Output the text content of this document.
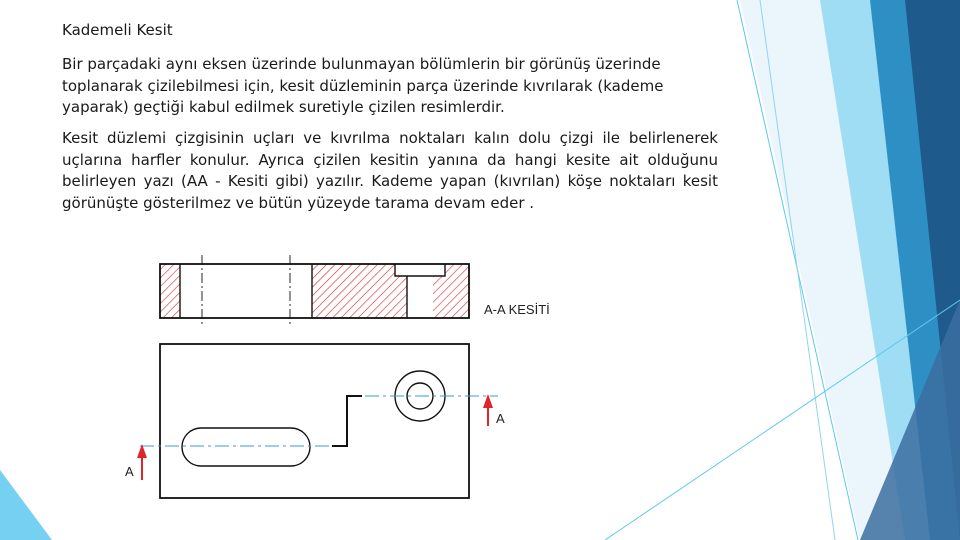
Kademeli Kesit
Bir parçadaki aynı eksen üzerinde bulunmayan bölümlerin bir görünüş üzerinde toplanarak çizilebilmesi için, kesit düzleminin parça üzerinde kıvrılarak (kademe yaparak) geçtiği kabul edilmek suretiyle çizilen resimlerdir.
Kesit düzlemi çizgisinin uçları ve kıvrılma noktaları kalın dolu çizgi ile belirlenerek uçlarına harfler konulur. Ayrıca çizilen kesitin yanına da hangi kesite ait olduğunu belirleyen yazı (AA - Kesiti gibi) yazılır. Kademe yapan (kıvrılan) köşe noktaları kesit görünüşte gösterilmez ve bütün yüzeyde tarama devam eder .
A-A KESİTİ
A
A
